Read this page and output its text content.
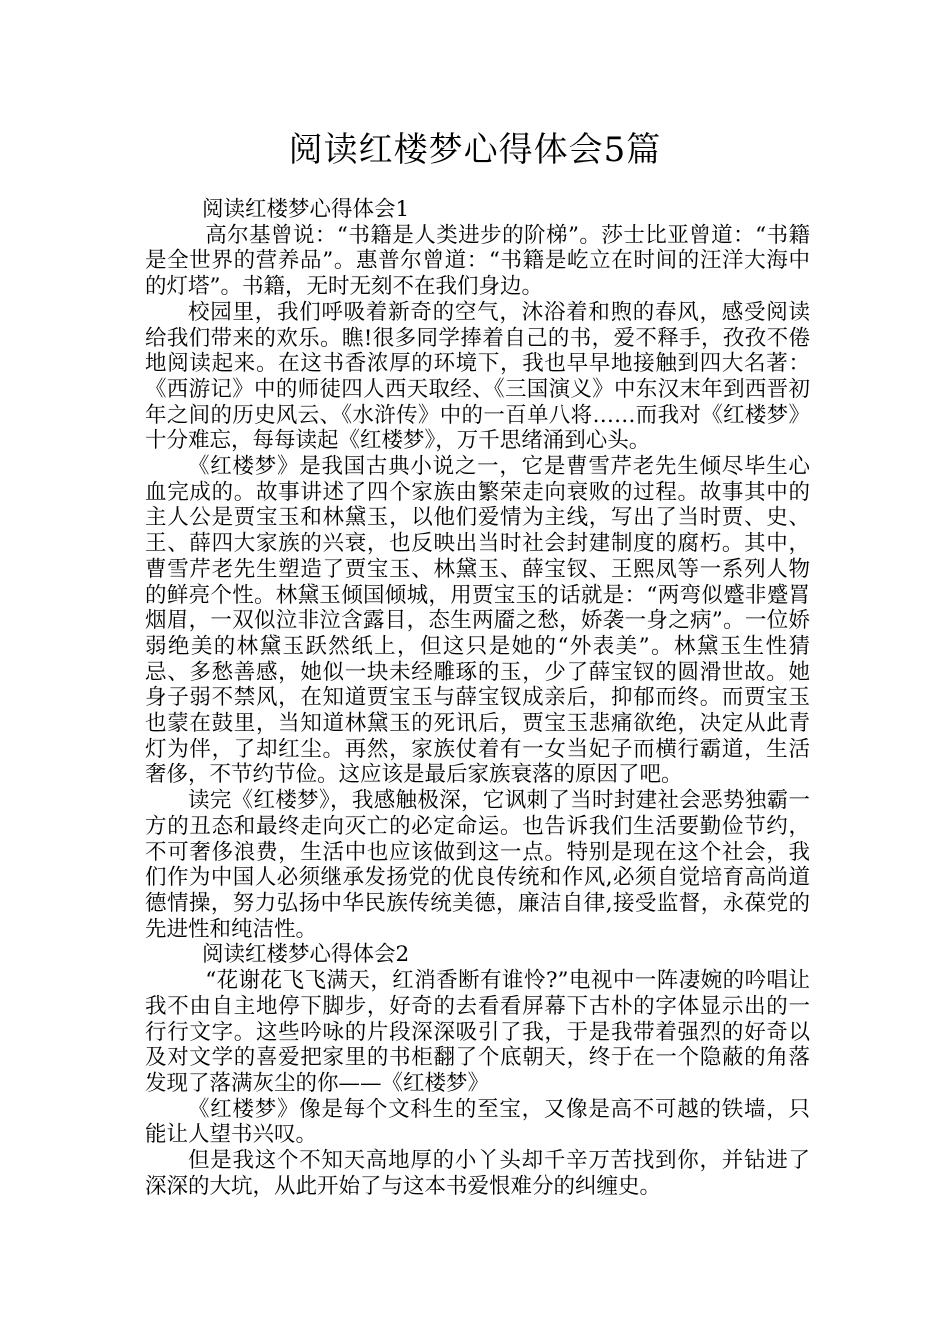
阅读红楼梦心得体会5篇

阅读红楼梦心得体会1

高尔基曾说：“书籍是人类进步的阶梯”。莎士比亚曾道：“书籍是全世界的营养品”。惠普尔曾道：“书籍是屹立在时间的汪洋大海中的灯塔”。书籍，无时无刻不在我们身边。

校园里，我们呼吸着新奇的空气，沐浴着和煦的春风，感受阅读给我们带来的欢乐。瞧!很多同学捧着自己的书，爱不释手，孜孜不倦地阅读起来。在这书香浓厚的环境下，我也早早地接触到四大名著：《西游记》中的师徒四人西天取经、《三国演义》中东汉末年到西晋初年之间的历史风云、《水浒传》中的一百单八将……而我对《红楼梦》十分难忘，每每读起《红楼梦》，万千思绪涌到心头。

《红楼梦》是我国古典小说之一，它是曹雪芹老先生倾尽毕生心血完成的。故事讲述了四个家族由繁荣走向衰败的过程。故事其中的主人公是贾宝玉和林黛玉，以他们爱情为主线，写出了当时贾、史、王、薛四大家族的兴衰，也反映出当时社会封建制度的腐朽。其中，曹雪芹老先生塑造了贾宝玉、林黛玉、薛宝钗、王熙凤等一系列人物的鲜亮个性。林黛玉倾国倾城，用贾宝玉的话就是：“两弯似蹙非蹙罥烟眉，一双似泣非泣含露目，态生两靥之愁，娇袭一身之病”。一位娇弱绝美的林黛玉跃然纸上，但这只是她的“外表美”。林黛玉生性猜忌、多愁善感，她似一块未经雕琢的玉，少了薛宝钗的圆滑世故。她身子弱不禁风，在知道贾宝玉与薛宝钗成亲后，抑郁而终。而贾宝玉也蒙在鼓里，当知道林黛玉的死讯后，贾宝玉悲痛欲绝，决定从此青灯为伴，了却红尘。再然，家族仗着有一女当妃子而横行霸道，生活奢侈，不节约节俭。这应该是最后家族衰落的原因了吧。

读完《红楼梦》，我感触极深，它讽刺了当时封建社会恶势独霸一方的丑态和最终走向灭亡的必定命运。也告诉我们生活要勤俭节约，不可奢侈浪费，生活中也应该做到这一点。特别是现在这个社会，我们作为中国人必须继承发扬党的优良传统和作风,必须自觉培育高尚道德情操，努力弘扬中华民族传统美德，廉洁自律,接受监督，永葆党的先进性和纯洁性。

阅读红楼梦心得体会2

“花谢花飞飞满天，红消香断有谁怜?”电视中一阵凄婉的吟唱让我不由自主地停下脚步，好奇的去看看屏幕下古朴的字体显示出的一行行文字。这些吟咏的片段深深吸引了我，于是我带着强烈的好奇以及对文学的喜爱把家里的书柜翻了个底朝天，终于在一个隐蔽的角落发现了落满灰尘的你——《红楼梦》

《红楼梦》像是每个文科生的至宝，又像是高不可越的铁墙，只能让人望书兴叹。

但是我这个不知天高地厚的小丫头却千辛万苦找到你，并钻进了深深的大坑，从此开始了与这本书爱恨难分的纠缠史。
